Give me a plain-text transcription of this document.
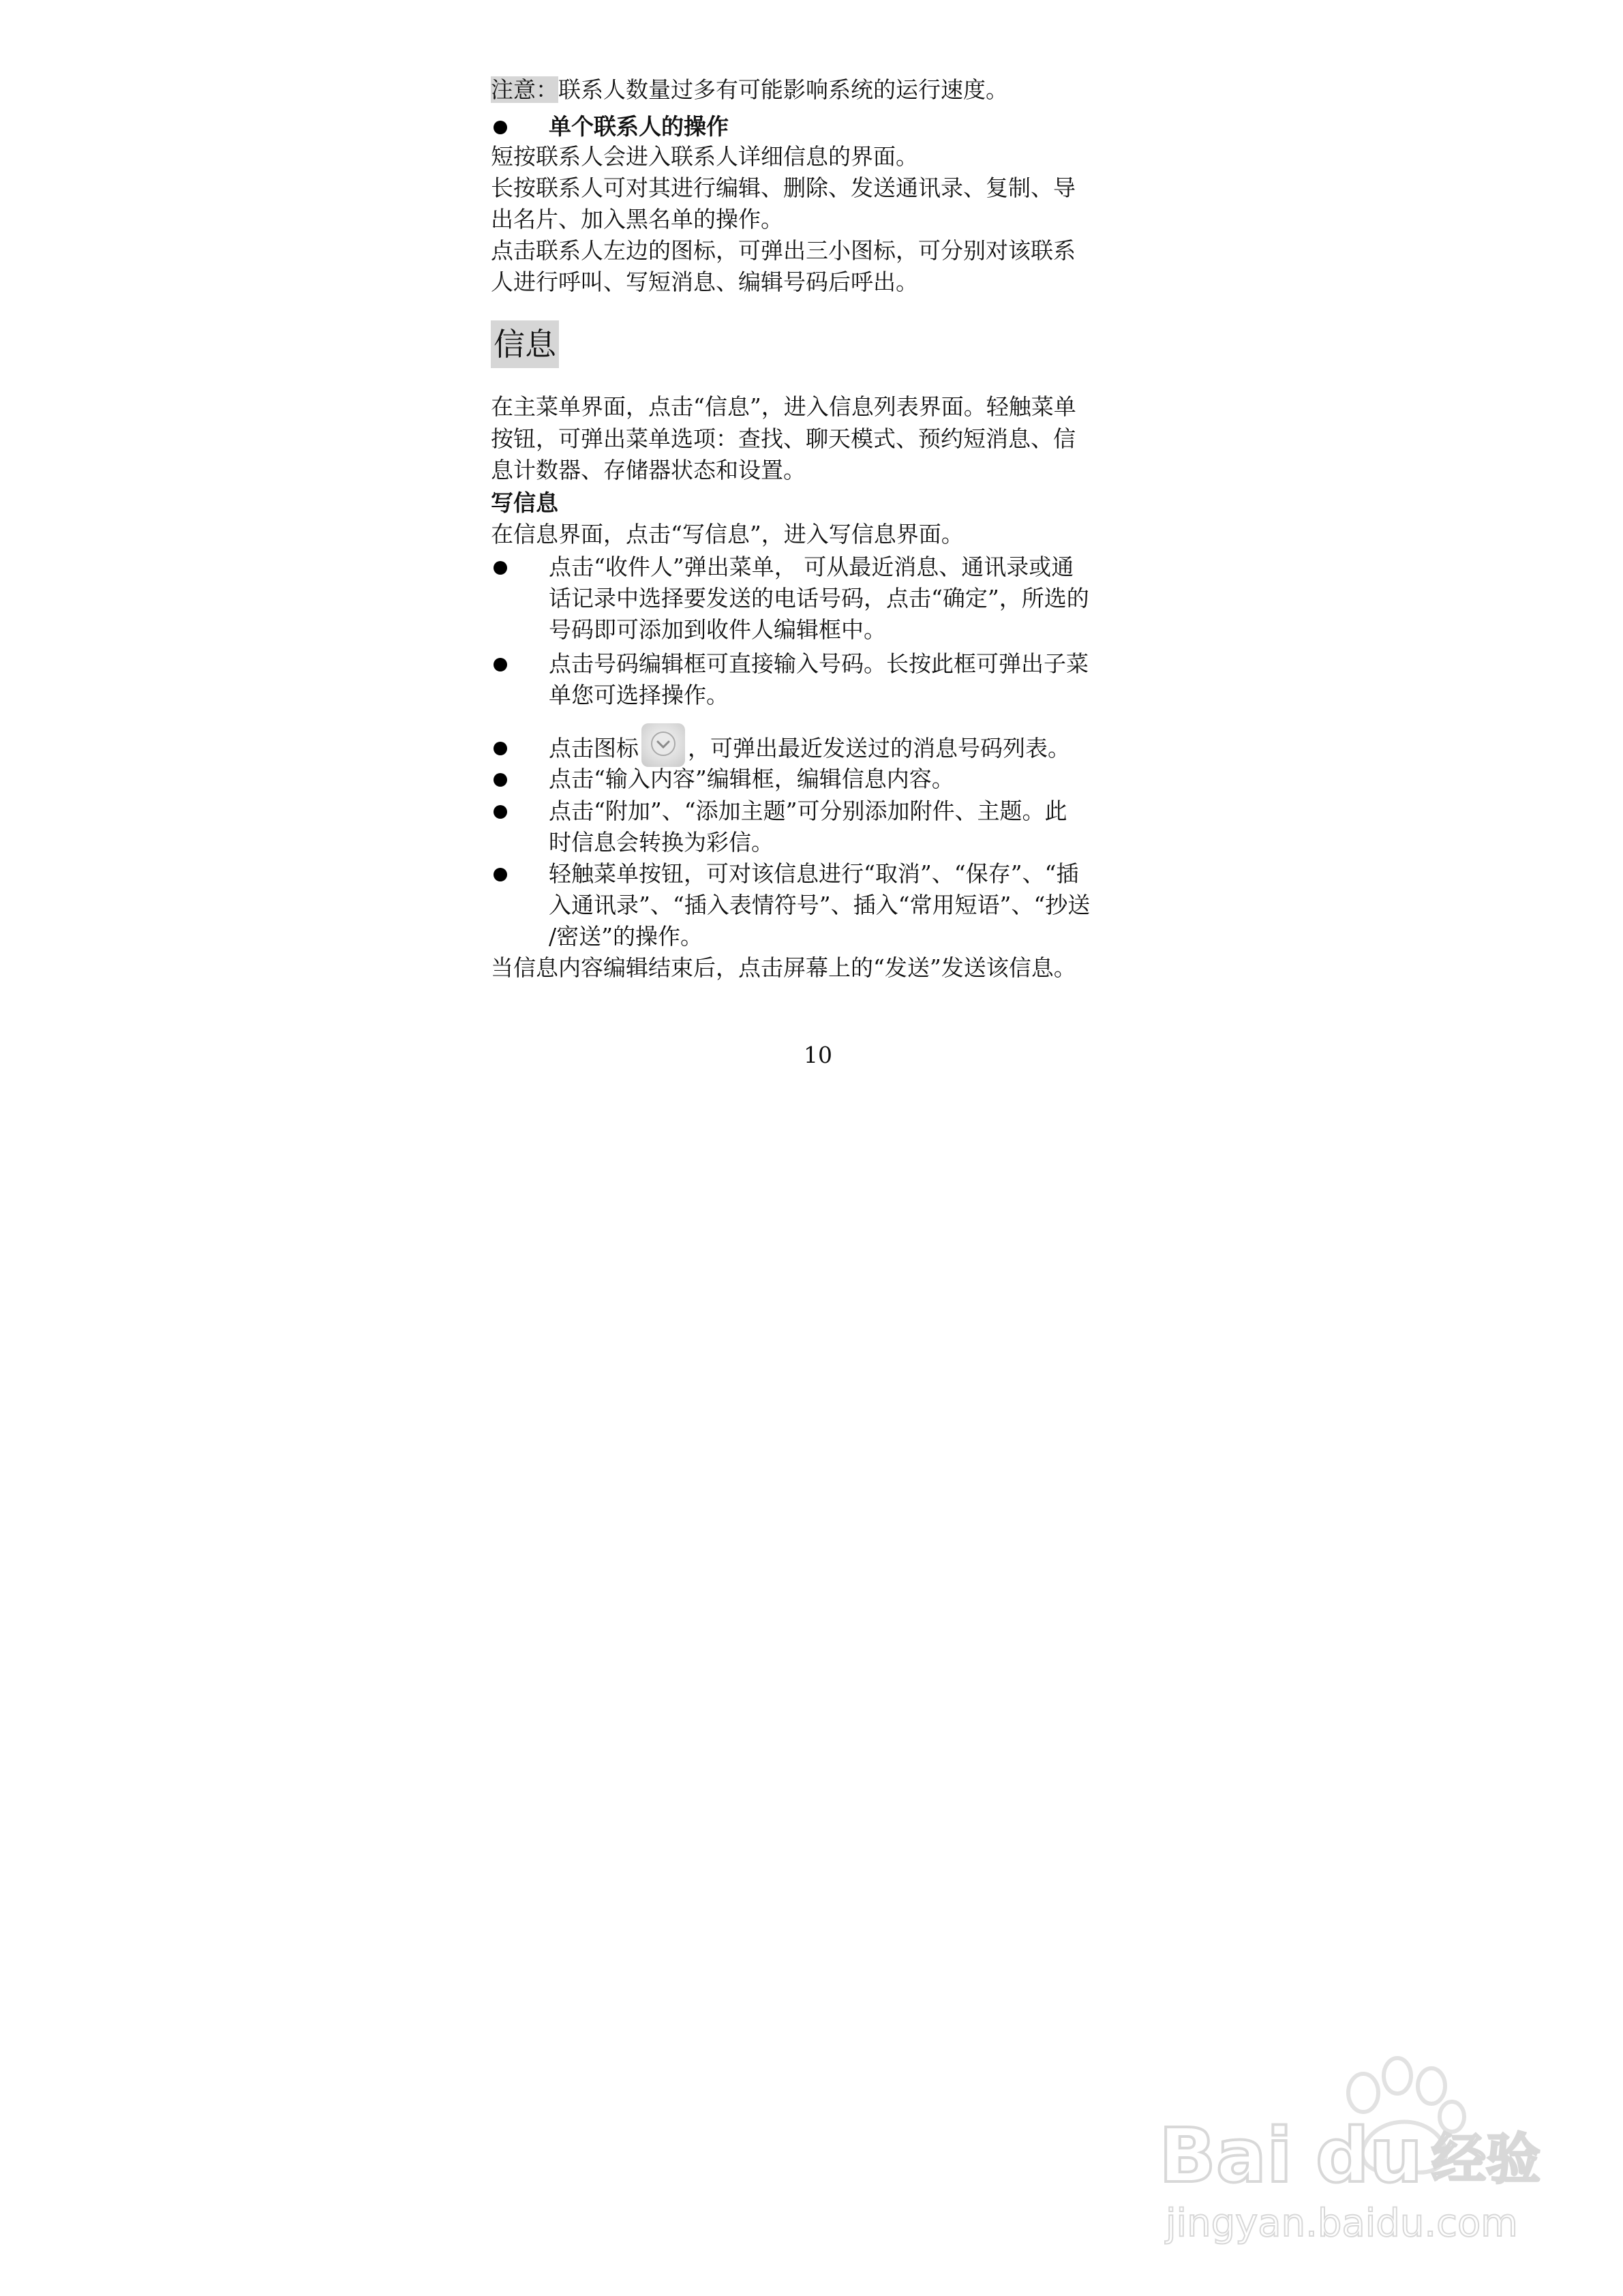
注意：联系人数量过多有可能影响系统的运行速度。
单个联系人的操作
短按联系人会进入联系人详细信息的界面。
长按联系人可对其进行编辑、删除、发送通讯录、复制、导
出名片、加入黑名单的操作。
点击联系人左边的图标，可弹出三小图标，可分别对该联系
人进行呼叫、写短消息、编辑号码后呼出。
信息
在主菜单界面，点击“信息”，进入信息列表界面。轻触菜单
按钮，可弹出菜单选项：查找、聊天模式、预约短消息、信
息计数器、存储器状态和设置。
写信息
在信息界面，点击“写信息”，进入写信息界面。
点击“收件人”弹出菜单， 可从最近消息、通讯录或通
话记录中选择要发送的电话号码，点击“确定”，所选的
号码即可添加到收件人编辑框中。
点击号码编辑框可直接输入号码。长按此框可弹出子菜
单您可选择操作。
点击图标 ，可弹出最近发送过的消息号码列表。
点击“输入内容”编辑框，编辑信息内容。
点击“附加”、“添加主题”可分别添加附件、主题。此
时信息会转换为彩信。
轻触菜单按钮，可对该信息进行“取消”、“保存”、“插
入通讯录”、“插入表情符号”、插入“常用短语”、“抄送
/密送”的操作。
当信息内容编辑结束后，点击屏幕上的“发送”发送该信息。
10
Bai du 经验
jingyan.baidu.com
